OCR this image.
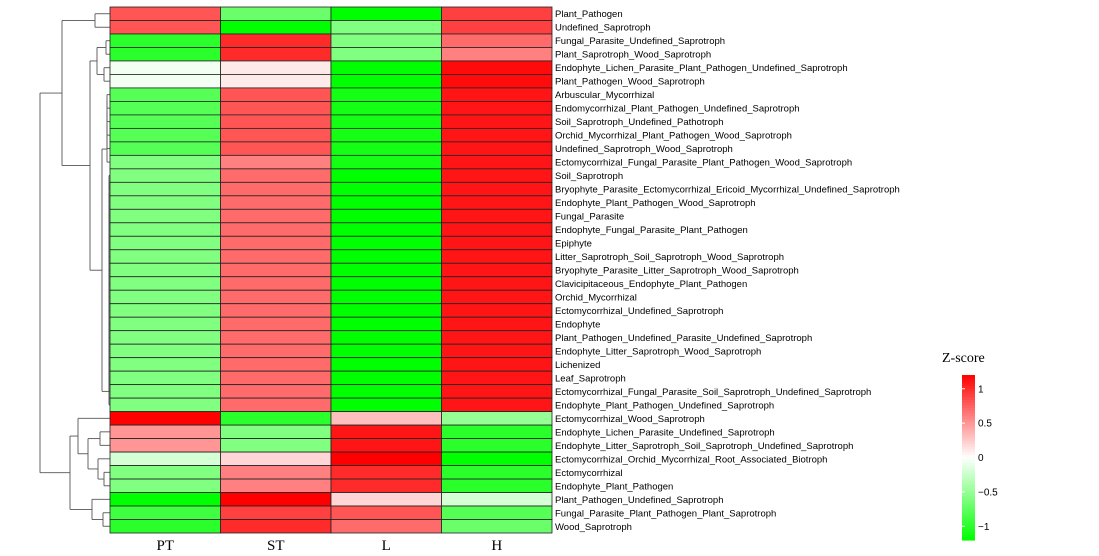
Plant_Pathogen
Undefined_Saprotroph
Fungal_Parasite_Undefined_Saprotroph
Plant_Saprotroph_Wood_Saprotroph
Endophyte_Lichen_Parasite_Plant_Pathogen_Undefined_Saprotroph
Plant_Pathogen_Wood_Saprotroph
Arbuscular_Mycorrhizal
Endomycorrhizal_Plant_Pathogen_Undefined_Saprotroph
Soil_Saprotroph_Undefined_Pathotroph
Orchid_Mycorrhizal_Plant_Pathogen_Wood_Saprotroph
Undefined_Saprotroph_Wood_Saprotroph
Ectomycorrhizal_Fungal_Parasite_Plant_Pathogen_Wood_Saprotroph
Soil_Saprotroph
Bryophyte_Parasite_Ectomycorrhizal_Ericoid_Mycorrhizal_Undefined_Saprotroph
Endophyte_Plant_Pathogen_Wood_Saprotroph
Fungal_Parasite
Endophyte_Fungal_Parasite_Plant_Pathogen
Epiphyte
Litter_Saprotroph_Soil_Saprotroph_Wood_Saprotroph
Bryophyte_Parasite_Litter_Saprotroph_Wood_Saprotroph
Clavicipitaceous_Endophyte_Plant_Pathogen
Orchid_Mycorrhizal
Ectomycorrhizal_Undefined_Saprotroph
Endophyte
Plant_Pathogen_Undefined_Parasite_Undefined_Saprotroph
Endophyte_Litter_Saprotroph_Wood_Saprotroph
Lichenized
Leaf_Saprotroph
Ectomycorrhizal_Fungal_Parasite_Soil_Saprotroph_Undefined_Saprotroph
Endophyte_Plant_Pathogen_Undefined_Saprotroph
Ectomycorrhizal_Wood_Saprotroph
Endophyte_Lichen_Parasite_Undefined_Saprotroph
Endophyte_Litter_Saprotroph_Soil_Saprotroph_Undefined_Saprotroph
Ectomycorrhizal_Orchid_Mycorrhizal_Root_Associated_Biotroph
Ectomycorrhizal
Endophyte_Plant_Pathogen
Plant_Pathogen_Undefined_Saprotroph
Fungal_Parasite_Plant_Pathogen_Plant_Saprotroph
Wood_Saprotroph
PT	ST	L	H
Z-score
1
0.5
0
−0.5
−1
